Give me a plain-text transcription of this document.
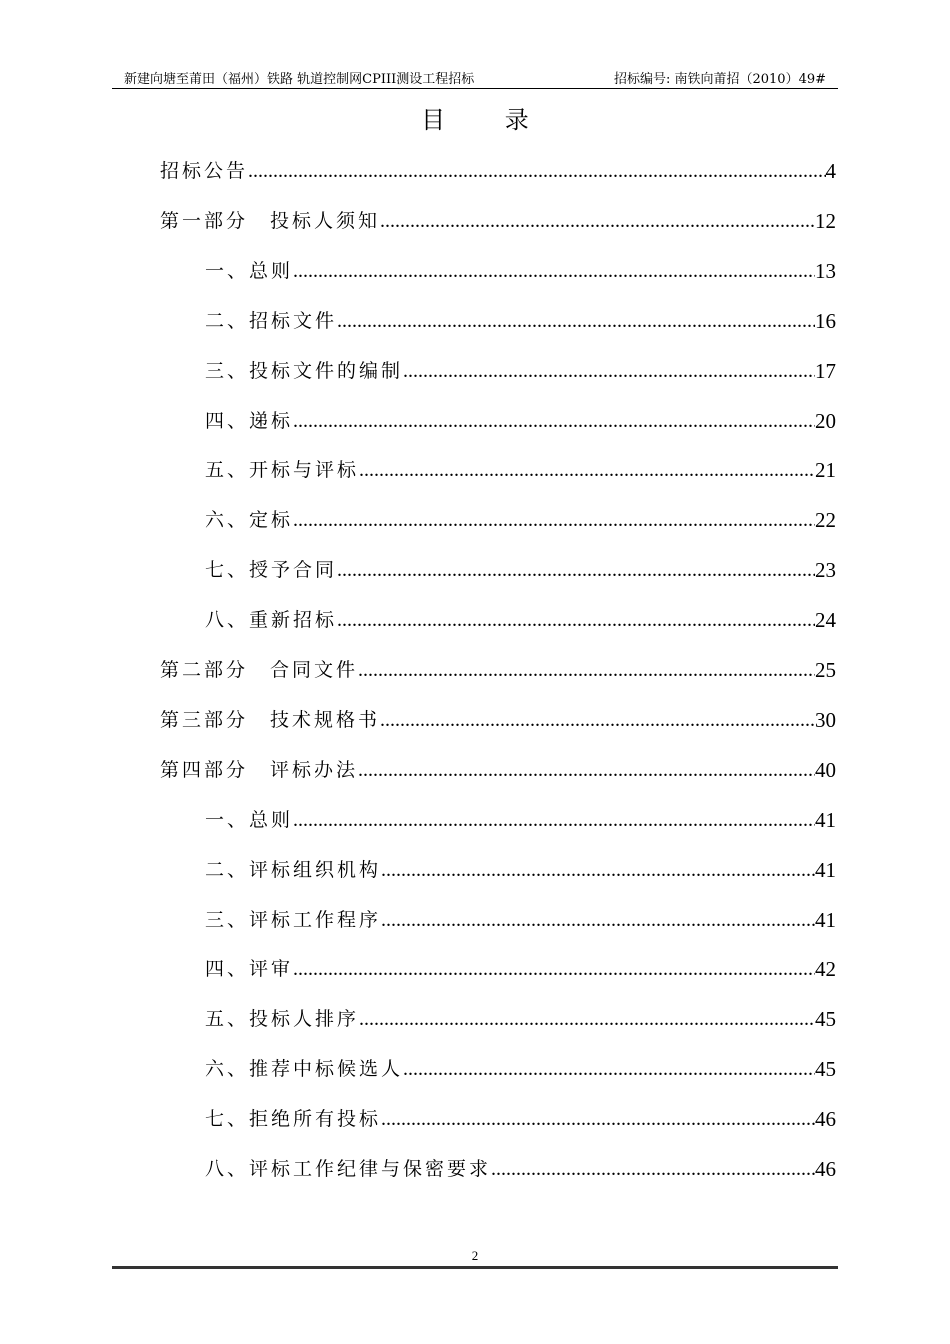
新建向塘至莆田（福州）铁路 轨道控制网CPIII测设工程招标	招标编号: 南铁向莆招（2010）49#
目 录
招标公告 .....	4
第一部分　投标人须知 .....	12
一、总则 .....	13
二、招标文件 .....	16
三、投标文件的编制 .....	17
四、递标 .....	20
五、开标与评标 .....	21
六、定标 .....	22
七、授予合同 .....	23
八、重新招标 .....	24
第二部分　合同文件 .....	25
第三部分　技术规格书 .....	30
第四部分　评标办法 .....	40
一、总则 .....	41
二、评标组织机构 .....	41
三、评标工作程序 .....	41
四、评审 .....	42
五、投标人排序 .....	45
六、推荐中标候选人 .....	45
七、拒绝所有投标 .....	46
八、评标工作纪律与保密要求 .....	46
2
